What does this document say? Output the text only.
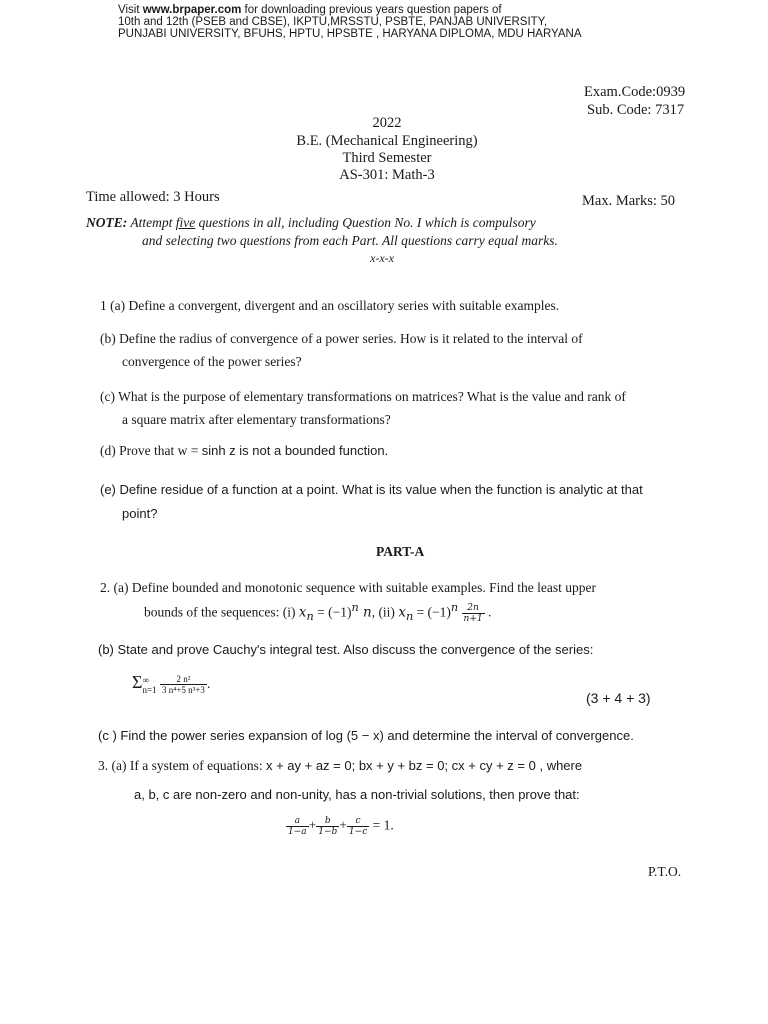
Visit www.brpaper.com for downloading previous years question papers of
10th and 12th (PSEB and CBSE), IKPTU,MRSSTU, PSBTE, PANJAB UNIVERSITY,
PUNJABI UNIVERSITY, BFUHS, HPTU, HPSBTE , HARYANA DIPLOMA, MDU HARYANA
Exam.Code:0939
Sub. Code: 7317
2022
B.E. (Mechanical Engineering)
Third Semester
AS-301: Math-3
Time allowed: 3 Hours	Max. Marks: 50
NOTE: Attempt five questions in all, including Question No. I which is compulsory
and selecting two questions from each Part. All questions carry equal marks.
x-x-x
1 (a) Define a convergent, divergent and an oscillatory series with suitable examples.
(b) Define the radius of convergence of a power series. How is it related to the interval of
convergence of the power series?
(c) What is the purpose of elementary transformations on matrices? What is the value and rank of
a square matrix after elementary transformations?
(d) Prove that w = sinh z is not a bounded function.
(e) Define residue of a function at a point. What is its value when the function is analytic at that
point?
PART-A
2. (a) Define bounded and monotonic sequence with suitable examples. Find the least upper
bounds of the sequences: (i) $x_n = (-1)^n$ n, (ii) $x_n = (-1)^n \frac{2n}{n+1}$ .
(b) State and prove Cauchy's integral test. Also discuss the convergence of the series:
Σ ∞
n=1
$\frac{\text{2 n²}}{\text{3 n⁴+5 n³+3}}$ .
(3 + 4 + 3)
(c ) Find the power series expansion of log (5 − x) and determine the interval of convergence.
3. (a) If a system of equations: x + ay + az = 0; bx + y + bz = 0; cx + cy + z = 0 , where
a, b, c are non-zero and non-unity, has a non-trivial solutions, then prove that:
$\frac{a}{1-a} + \frac{b}{1-b} + \frac{c}{1-c} = 1$.
P.T.O.
